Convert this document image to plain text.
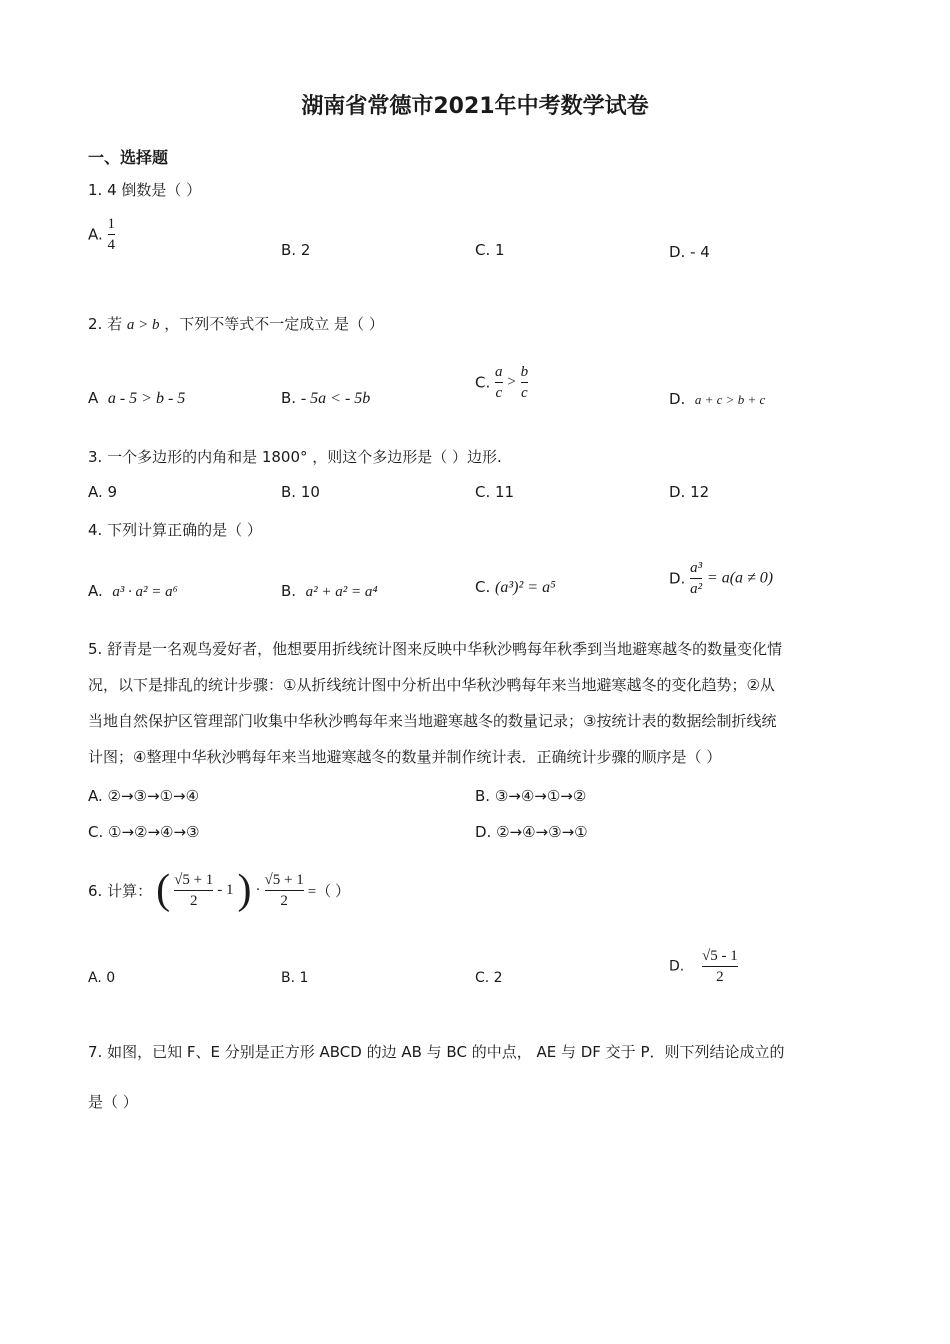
湖南省常德市2021年中考数学试卷
一、选择题
1. 4 倒数是（ ）
A. $\frac{1}{4}$	B. 2	C. 1	D. - 4
2. 若 a > b ，下列不等式不一定成立 是（ ）
A a - 5 > b - 5	B. - 5a < - 5b
C. $\frac{a}{c} > \frac{b}{c}$	D. a + c > b + c
3. 一个多边形的内角和是 1800° ，则这个多边形是（ ）边形.
A. 9	B. 10	C. 11	D. 12
4. 下列计算正确的是（ ）
A. a³ · a² = a⁶	B. a² + a² = a⁴	C. (a³)² = a⁵	D. $\frac{\text{a³}}{\text{a²}} = a(a \ne 0)$
5. 舒青是一名观鸟爱好者，他想要用折线统计图来反映中华秋沙鸭每年秋季到当地避寒越冬的数量变化情
况，以下是排乱的统计步骤：①从折线统计图中分析出中华秋沙鸭每年来当地避寒越冬的变化趋势；②从
当地自然保护区管理部门收集中华秋沙鸭每年来当地避寒越冬的数量记录；③按统计表的数据绘制折线统
计图；④整理中华秋沙鸭每年来当地避寒越冬的数量并制作统计表．正确统计步骤的顺序是（ ）
A. ②→③→①→④	B. ③→④→①→②
C. ①→②→④→③	D. ②→④→③→①
6. 计算： ( $\frac{√5 + 1}{2} - 1$ ) · $\frac{√5 + 1}{2}$ =（ ）
A. 0	B. 1	C. 2
D. $\frac{√5 - 1}{2}$
7. 如图，已知 F、E 分别是正方形 ABCD 的边 AB 与 BC 的中点， AE 与 DF 交于 P．则下列结论成立的
是（ ）
